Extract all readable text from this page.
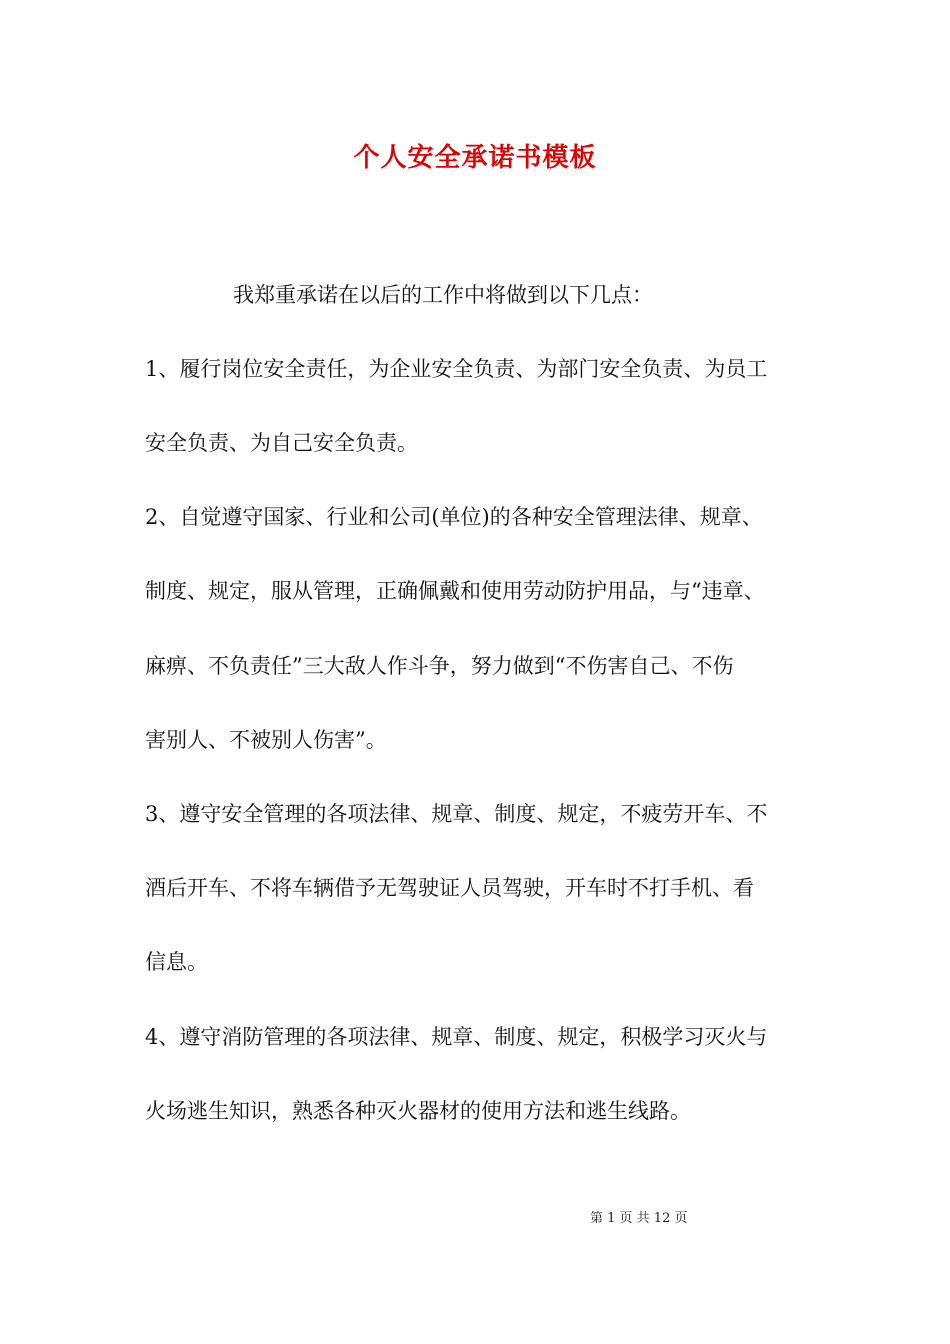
个人安全承诺书模板
我郑重承诺在以后的工作中将做到以下几点：
1、履行岗位安全责任，为企业安全负责、为部门安全负责、为员工
安全负责、为自己安全负责。
2、自觉遵守国家、行业和公司(单位)的各种安全管理法律、规章、
制度、规定，服从管理，正确佩戴和使用劳动防护用品，与“违章、
麻痹、不负责任”三大敌人作斗争，努力做到“不伤害自己、不伤
害别人、不被别人伤害”。
3、遵守安全管理的各项法律、规章、制度、规定，不疲劳开车、不
酒后开车、不将车辆借予无驾驶证人员驾驶，开车时不打手机、看
信息。
4、遵守消防管理的各项法律、规章、制度、规定，积极学习灭火与
火场逃生知识，熟悉各种灭火器材的使用方法和逃生线路。
第 1 页 共 12 页
